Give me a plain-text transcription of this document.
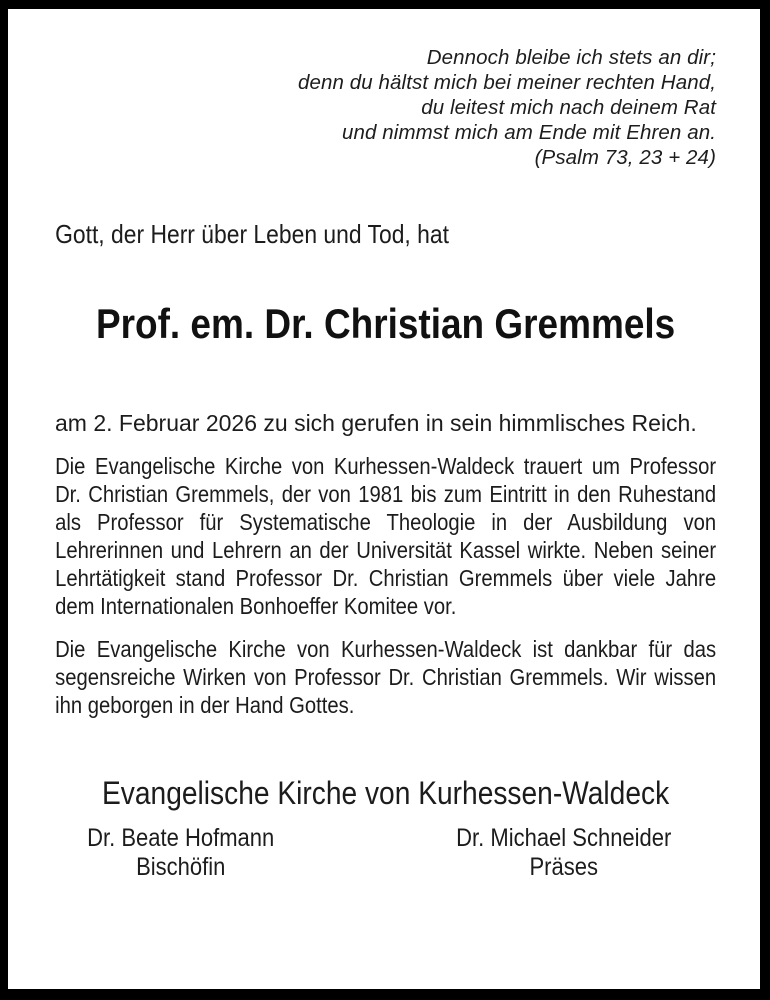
Dennoch bleibe ich stets an dir;
denn du hältst mich bei meiner rechten Hand,
du leitest mich nach deinem Rat
und nimmst mich am Ende mit Ehren an.
(Psalm 73, 23 + 24)
Gott, der Herr über Leben und Tod, hat
Prof. em. Dr. Christian Gremmels
am 2. Februar 2026 zu sich gerufen in sein himmlisches Reich.
Die Evangelische Kirche von Kurhessen-Waldeck trauert um Professor Dr. Christian Gremmels, der von 1981 bis zum Eintritt in den Ruhestand als Professor für Systematische Theologie in der Ausbildung von Lehrerinnen und Lehrern an der Universität Kassel wirkte. Neben seiner Lehrtätigkeit stand Professor Dr. Christian Gremmels über viele Jahre dem Internationalen Bonhoeffer Komitee vor.
Die Evangelische Kirche von Kurhessen-Waldeck ist dankbar für das segensreiche Wirken von Professor Dr. Christian Gremmels. Wir wissen ihn geborgen in der Hand Gottes.
Evangelische Kirche von Kurhessen-Waldeck
Dr. Beate Hofmann
Bischöfin
Dr. Michael Schneider
Präses
